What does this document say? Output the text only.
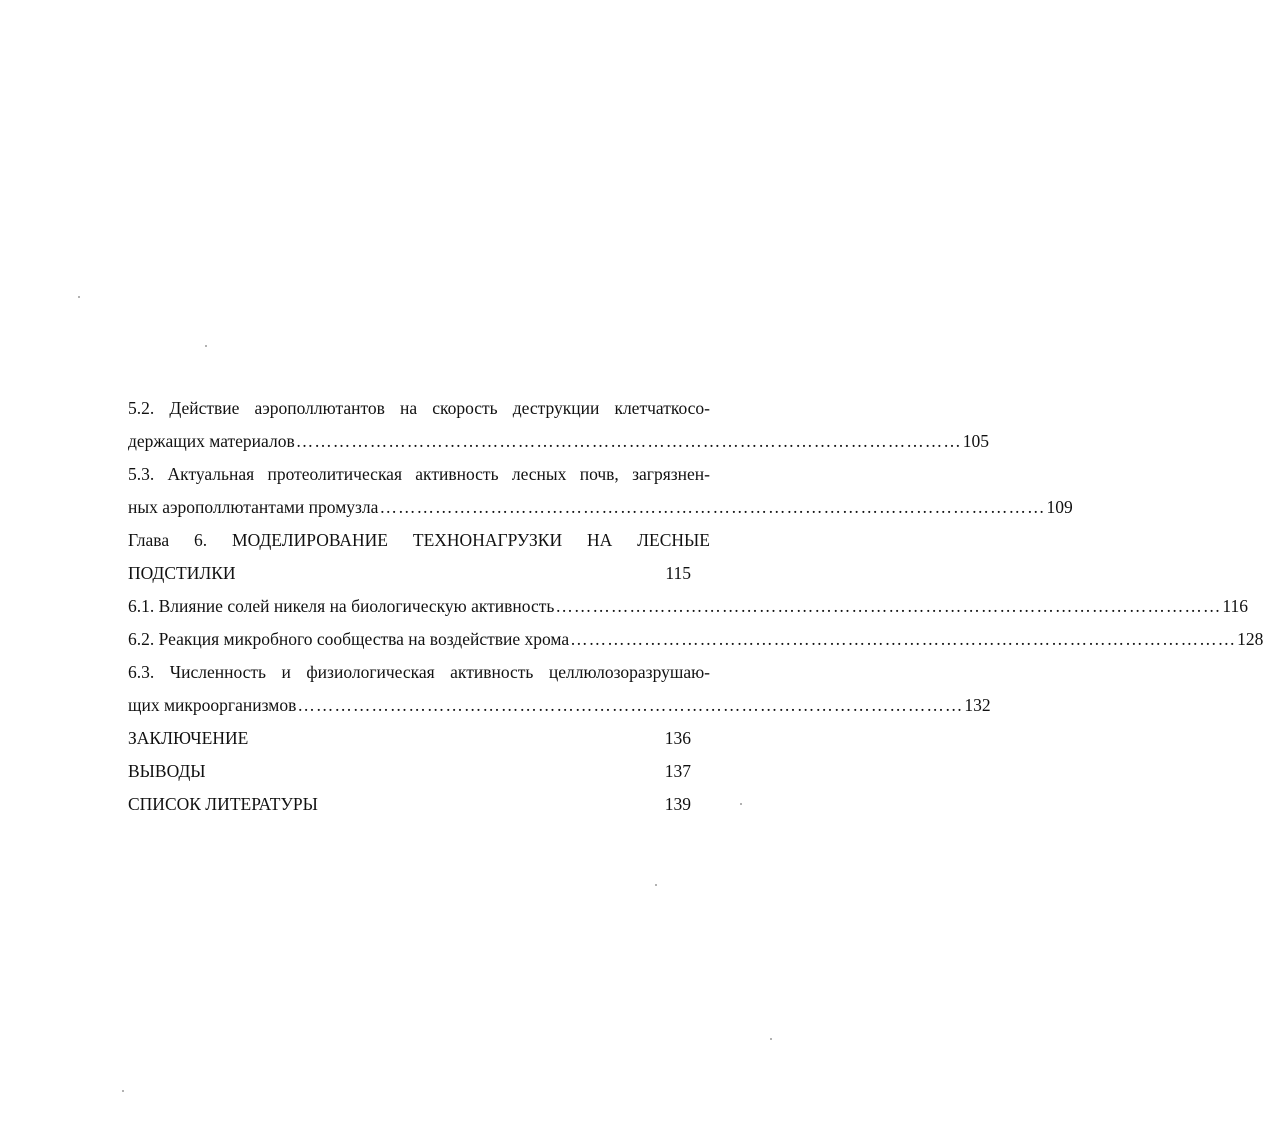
5.2. Действие аэрополлютантов на скорость деструкции клетчаткосо-
держащих материалов ……………………………………………………………………………………………… 105
5.3. Актуальная протеолитическая активность лесных почв, загрязнен-
ных аэрополлютантами промузла ……………………………………………………………………………………………… 109
Глава 6. МОДЕЛИРОВАНИЕ ТЕХНОНАГРУЗКИ НА ЛЕСНЫЕ
ПОДСТИЛКИ	115
6.1. Влияние солей никеля на биологическую активность ……………………………………………………………………………………………… 116
6.2. Реакция микробного сообщества на воздействие хрома ……………………………………………………………………………………………… 128
6.3. Численность и физиологическая активность целлюлозоразрушаю-
щих микроорганизмов ……………………………………………………………………………………………… 132
ЗАКЛЮЧЕНИЕ	136
ВЫВОДЫ	137
СПИСОК ЛИТЕРАТУРЫ	139
